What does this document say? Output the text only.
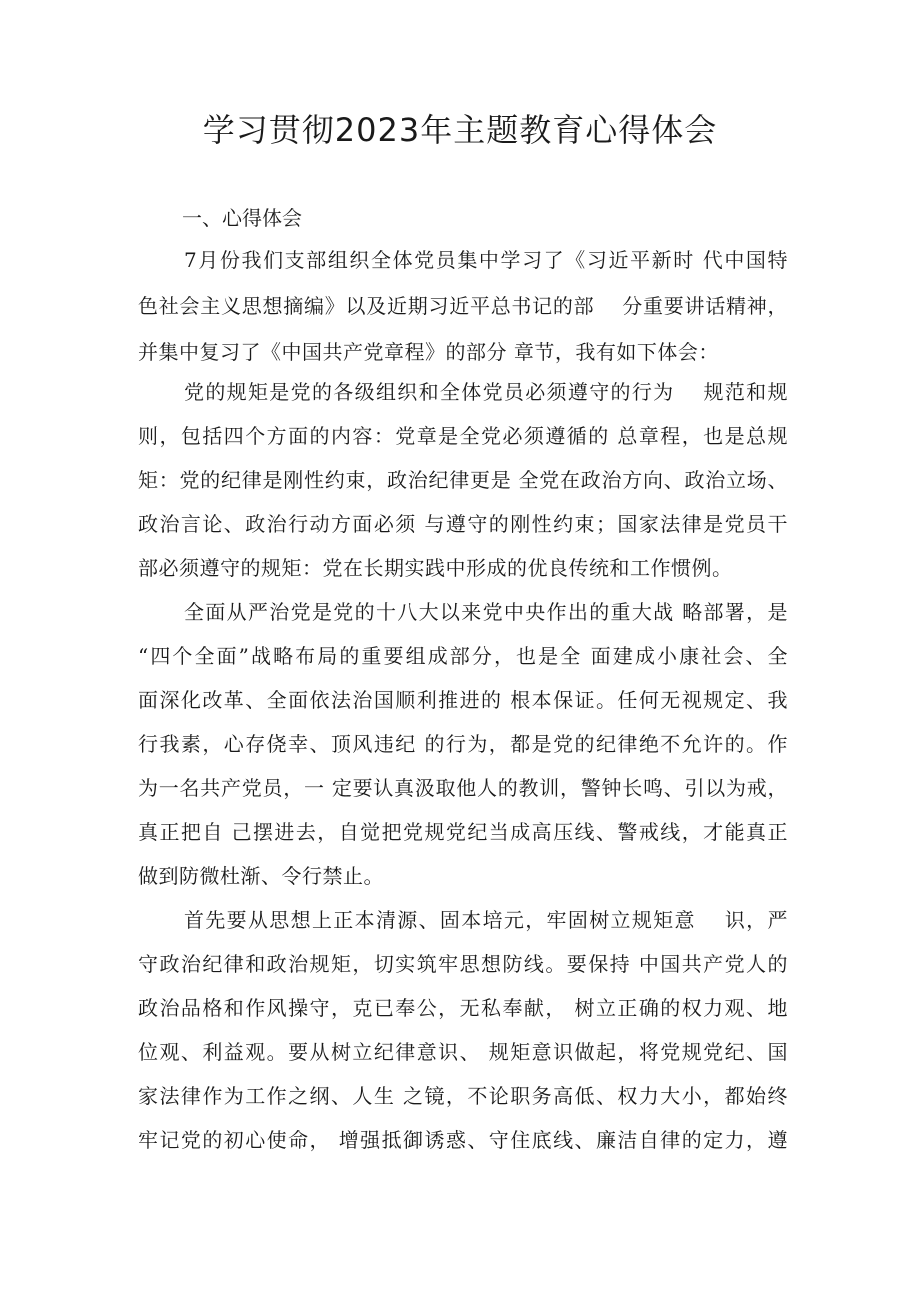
学习贯彻2023年主题教育心得体会
一、心得体会
7月份我们支部组织全体党员集中学习了《习近平新时 代中国特
色社会主义思想摘编》以及近期习近平总书记的部 　分重要讲话精神，
并集中复习了《中国共产党章程》的部分 章节，我有如下体会：
党的规矩是党的各级组织和全体党员必须遵守的行为 　规范和规
则，包括四个方面的内容：党章是全党必须遵循的 总章程，也是总规
矩：党的纪律是刚性约束，政治纪律更是 全党在政治方向、政治立场、
政治言论、政治行动方面必须 与遵守的刚性约束；国家法律是党员干
部必须遵守的规矩：党在长期实践中形成的优良传统和工作惯例。
全面从严治党是党的十八大以来党中央作出的重大战 略部署，是
“四个全面”战略布局的重要组成部分，也是全 面建成小康社会、全
面深化改革、全面依法治国顺利推进的 根本保证。任何无视规定、我
行我素，心存侥幸、顶风违纪 的行为，都是党的纪律绝不允许的。作
为一名共产党员，一 定要认真汲取他人的教训，警钟长鸣、引以为戒，
真正把自 己摆进去，自觉把党规党纪当成高压线、警戒线，才能真正
做到防微杜渐、令行禁止。
首先要从思想上正本清源、固本培元，牢固树立规矩意 　识，严
守政治纪律和政治规矩，切实筑牢思想防线。要保持 中国共产党人的
政治品格和作风操守，克已奉公，无私奉献， 树立正确的权力观、地
位观、利益观。要从树立纪律意识、 规矩意识做起，将党规党纪、国
家法律作为工作之纲、人生 之镜，不论职务高低、权力大小，都始终
牢记党的初心使命， 增强抵御诱惑、守住底线、廉洁自律的定力，遵
